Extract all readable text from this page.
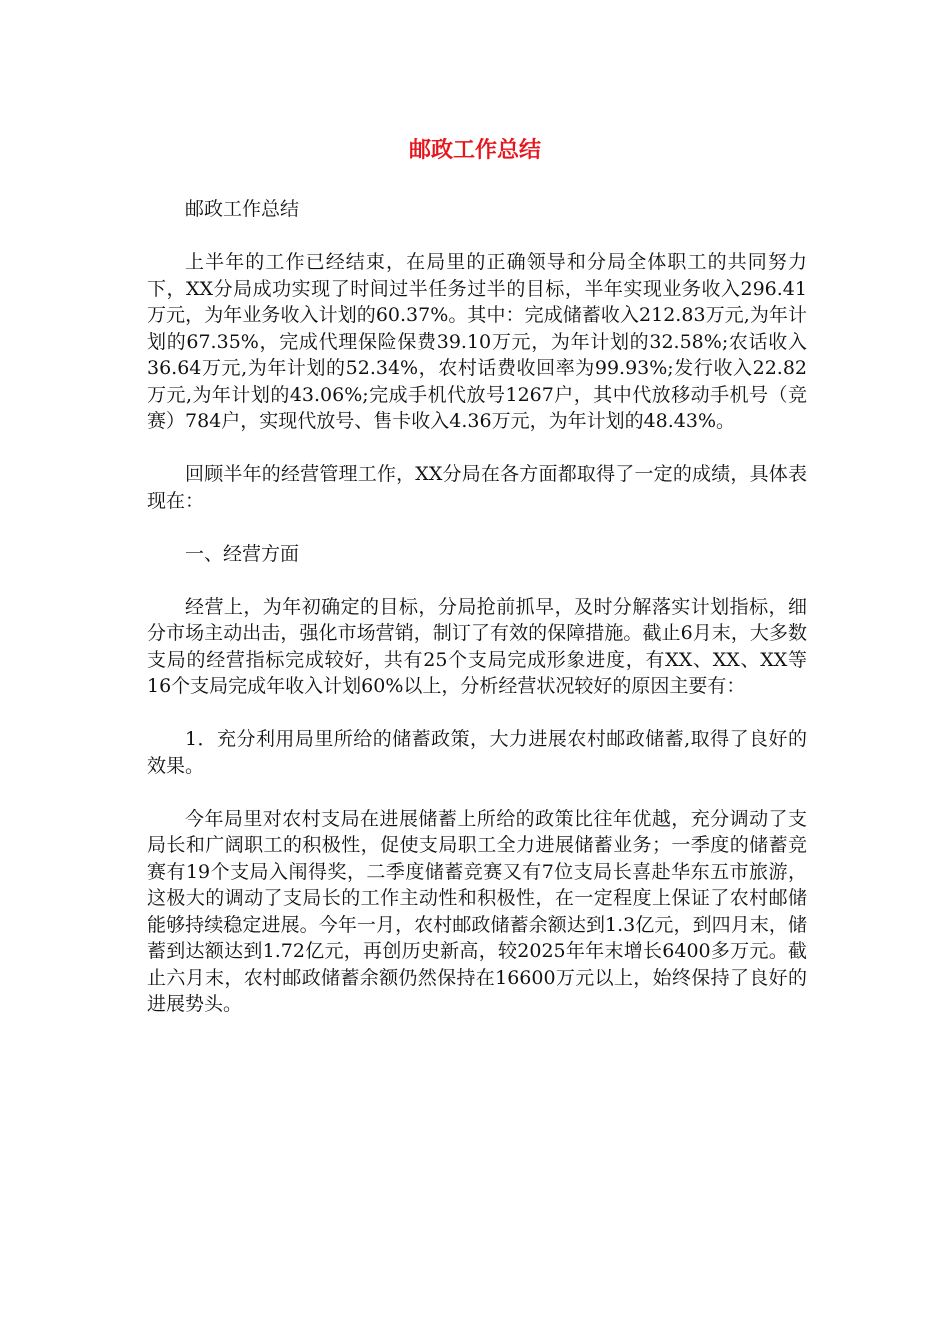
邮政工作总结

邮政工作总结

上半年的工作已经结束，在局里的正确领导和分局全体职工的共同努力下，XX分局成功实现了时间过半任务过半的目标，半年实现业务收入296.41万元，为年业务收入计划的60.37%。其中：完成储蓄收入212.83万元,为年计划的67.35%，完成代理保险保费39.10万元，为年计划的32.58%;农话收入36.64万元,为年计划的52.34%，农村话费收回率为99.93%;发行收入22.82万元,为年计划的43.06%;完成手机代放号1267户，其中代放移动手机号（竞赛）784户，实现代放号、售卡收入4.36万元，为年计划的48.43%。

回顾半年的经营管理工作，XX分局在各方面都取得了一定的成绩，具体表现在：

一、经营方面

经营上，为年初确定的目标，分局抢前抓早，及时分解落实计划指标，细分市场主动出击，强化市场营销，制订了有效的保障措施。截止6月末，大多数支局的经营指标完成较好，共有25个支局完成形象进度，有XX、XX、XX等16个支局完成年收入计划60%以上，分析经营状况较好的原因主要有：

1．充分利用局里所给的储蓄政策，大力进展农村邮政储蓄,取得了良好的效果。

今年局里对农村支局在进展储蓄上所给的政策比往年优越，充分调动了支局长和广阔职工的积极性，促使支局职工全力进展储蓄业务；一季度的储蓄竞赛有19个支局入闱得奖，二季度储蓄竞赛又有7位支局长喜赴华东五市旅游，这极大的调动了支局长的工作主动性和积极性，在一定程度上保证了农村邮储能够持续稳定进展。今年一月，农村邮政储蓄余额达到1.3亿元，到四月末，储蓄到达额达到1.72亿元，再创历史新高，较2025年年末增长6400多万元。截止六月末，农村邮政储蓄余额仍然保持在16600万元以上，始终保持了良好的进展势头。
